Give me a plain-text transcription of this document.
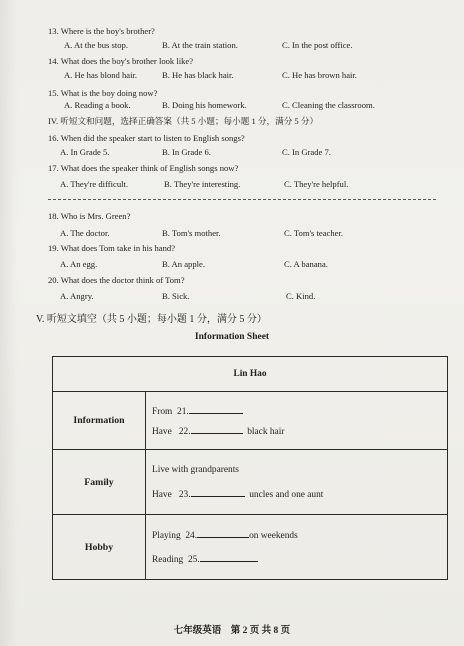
13. Where is the boy's brother?
A. At the bus stop.	B. At the train station.	C. In the post office.
14. What does the boy's brother look like?
A. He has blond hair.	B. He has black hair.	C. He has brown hair.
15. What is the boy doing now?
A. Reading a book.	B. Doing his homework.	C. Cleaning the classroom.
IV. 听短文和问题，选择正确答案（共 5 小题；每小题 1 分，满分 5 分）
16. When did the speaker start to listen to English songs?
A. In Grade 5.	B. In Grade 6.	C. In Grade 7.
17. What does the speaker think of English songs now?
A. They're difficult.	B. They're interesting.	C. They're helpful.
18. Who is Mrs. Green?
A. The doctor.	B. Tom's mother.	C. Tom's teacher.
19. What does Tom take in his hand?
A. An egg.	B. An apple.	C. A banana.
20. What does the doctor think of Tom?
A. Angry.	B. Sick.	C. Kind.
V. 听短文填空（共 5 小题；每小题 1 分，满分 5 分）
Information Sheet
Lin Hao	
Information	From 21.
Have 22. black hair

Family	Live with grandparents
Have 23. uncles and one aunt

Hobby	Playing 24. on weekends
Reading 25.
七年级英语　第 2 页 共 8 页
